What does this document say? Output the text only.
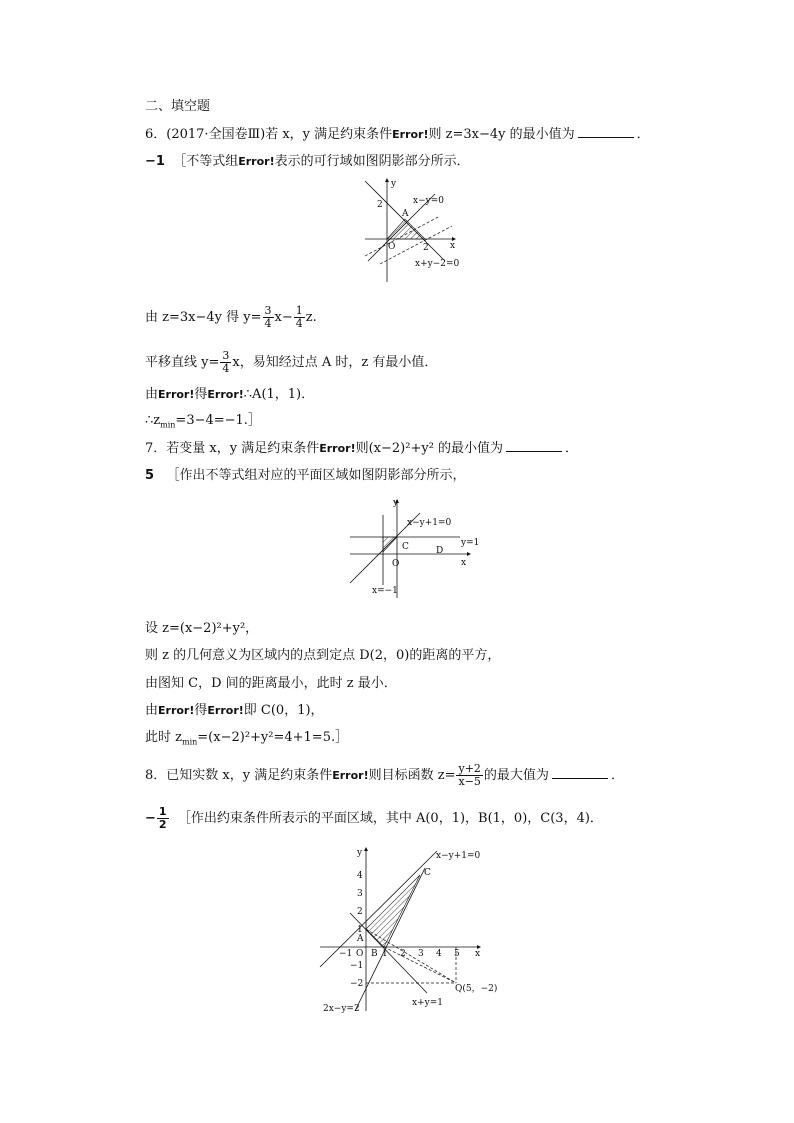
二、填空题
6．(2017·全国卷Ⅲ)若 x，y 满足约束条件Error!则 z=3x−4y 的最小值为	．
−1 ［不等式组Error!表示的可行域如图阴影部分所示．
y
2	x−y=0
A
O	2 x
x+y−2=0
由 z=3x−4y 得 $y= \frac{3}{4} x- \frac{1}{4} z$.
平移直线 $y= \frac{3}{4}$ x，易知经过点 A 时，z 有最小值．
由Error!得Error!∴A(1，1)．
$\therefore z_{min}=3-4=-1.]$
7．若变量 x，y 满足约束条件Error!则(x−2)²+y² 的最小值为	．
5 ［作出不等式组对应的平面区域如图阴影部分所示，
y
x−y+1=0
C	y=1
D
O	x
x=−1
设 z=(x−2)²+y²，
则 z 的几何意义为区域内的点到定点 D(2，0)的距离的平方，
由图知 C，D 间的距离最小，此时 z 最小．
由Error!得Error!即 C(0，1)，
此时 $z_{min}=(x-2)^2+y^2=4+1=5.]$
8．已知实数 x，y 满足约束条件Error!则目标函数 $z= \frac{y+2}{x-5}$ 的最大值为	．
− $\frac{1}{2}$ ［作出约束条件所表示的平面区域，其中 A(0，1)，B(1，0)，C(3，4)．
y	x−y+1=0
4
3
2
1
C
A
−1 O B 1 2 3 4 5 x
−1
−2	Q(5，−2)
x+y=1
2x−y=2
